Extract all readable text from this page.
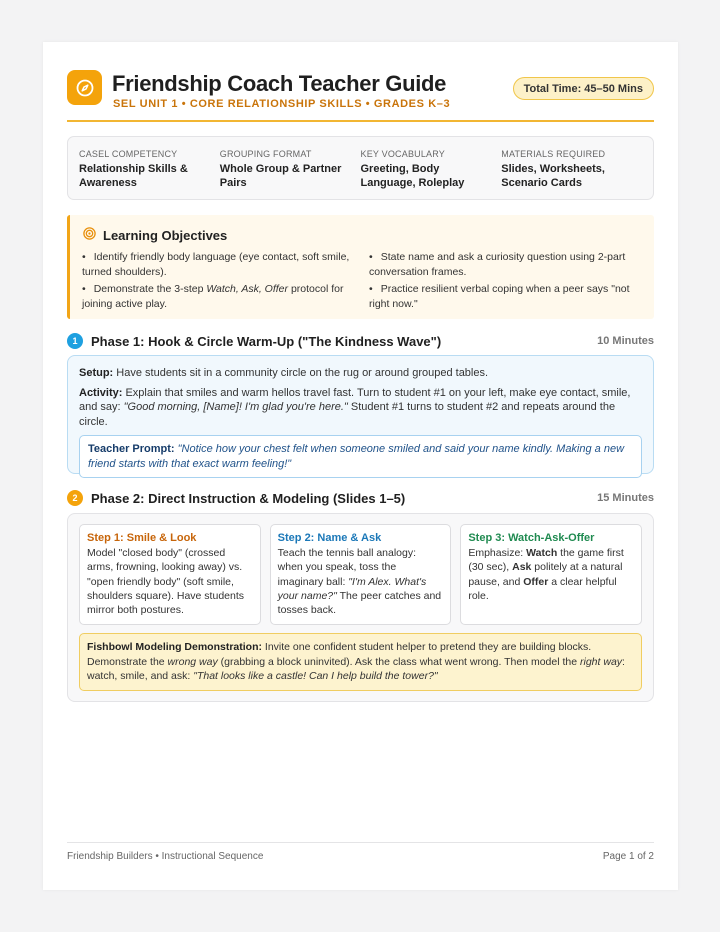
Friendship Coach Teacher Guide
SEL UNIT 1 • CORE RELATIONSHIP SKILLS • GRADES K–3
Total Time: 45–50 Mins
CASEL COMPETENCY
Relationship Skills & Awareness
GROUPING FORMAT
Whole Group & Partner Pairs
KEY VOCABULARY
Greeting, Body Language, Roleplay
MATERIALS REQUIRED
Slides, Worksheets, Scenario Cards
Learning Objectives
• Identify friendly body language (eye contact, soft smile, turned shoulders).
• State name and ask a curiosity question using 2-part conversation frames.
• Demonstrate the 3-step Watch, Ask, Offer protocol for joining active play.
• Practice resilient verbal coping when a peer says "not right now."
1	Phase 1: Hook & Circle Warm-Up ("The Kindness Wave")	10 Minutes
Setup: Have students sit in a community circle on the rug or around grouped tables.
Activity: Explain that smiles and warm hellos travel fast. Turn to student #1 on your left, make eye contact, smile, and say: "Good morning, [Name]! I'm glad you're here." Student #1 turns to student #2 and repeats around the circle.
Teacher Prompt: "Notice how your chest felt when someone smiled and said your name kindly. Making a new friend starts with that exact warm feeling!"
2	Phase 2: Direct Instruction & Modeling (Slides 1–5)	15 Minutes
Step 1: Smile & Look
Model "closed body" (crossed arms, frowning, looking away) vs. "open friendly body" (soft smile, shoulders square). Have students mirror both postures.
Step 2: Name & Ask
Teach the tennis ball analogy: when you speak, toss the imaginary ball: "I'm Alex. What's your name?" The peer catches and tosses back.
Step 3: Watch-Ask-Offer
Emphasize: Watch the game first (30 sec), Ask politely at a natural pause, and Offer a clear helpful role.
Fishbowl Modeling Demonstration: Invite one confident student helper to pretend they are building blocks. Demonstrate the wrong way (grabbing a block uninvited). Ask the class what went wrong. Then model the right way: watch, smile, and ask: "That looks like a castle! Can I help build the tower?"
Friendship Builders • Instructional Sequence	Page 1 of 2
